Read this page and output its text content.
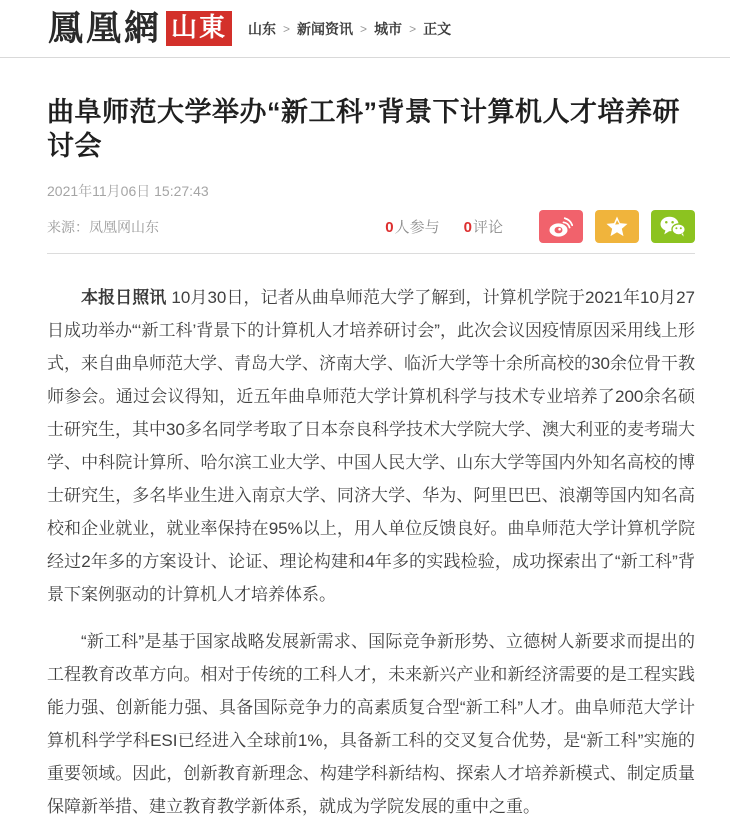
鳳凰網 山東	山东 > 新闻资讯 > 城市 > 正文
曲阜师范大学举办“新工科”背景下计算机人才培养研讨会
2021年11月06日 15:27:43
来源：凤凰网山东	0人参与 0评论

本报日照讯 10月30日，记者从曲阜师范大学了解到，计算机学院于2021年10月27日成功举办“‘新工科’背景下的计算机人才培养研讨会”，此次会议因疫情原因采用线上形式，来自曲阜师范大学、青岛大学、济南大学、临沂大学等十余所高校的30余位骨干教师参会。通过会议得知，近五年曲阜师范大学计算机科学与技术专业培养了200余名硕士研究生，其中30多名同学考取了日本奈良科学技术大学院大学、澳大利亚的麦考瑞大学、中科院计算所、哈尔滨工业大学、中国人民大学、山东大学等国内外知名高校的博士研究生，多名毕业生进入南京大学、同济大学、华为、阿里巴巴、浪潮等国内知名高校和企业就业，就业率保持在95%以上，用人单位反馈良好。曲阜师范大学计算机学院经过2年多的方案设计、论证、理论构建和4年多的实践检验，成功探索出了“新工科”背景下案例驱动的计算机人才培养体系。

“新工科”是基于国家战略发展新需求、国际竞争新形势、立德树人新要求而提出的工程教育改革方向。相对于传统的工科人才，未来新兴产业和新经济需要的是工程实践能力强、创新能力强、具备国际竞争力的高素质复合型“新工科”人才。曲阜师范大学计算机科学学科ESI已经进入全球前1%，具备新工科的交叉复合优势，是“新工科”实施的重要领域。因此，创新教育新理念、构建学科新结构、探索人才培养新模式、制定质量保障新举措、建立教育教学新体系，就成为学院发展的重中之重。
